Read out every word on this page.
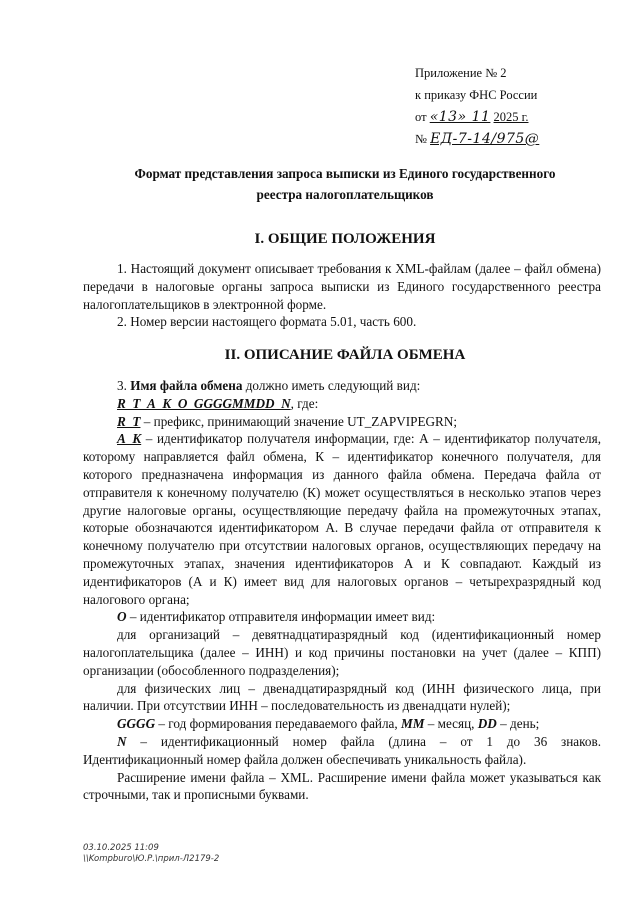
Приложение № 2
к приказу ФНС России
от «13» 11 2025 г.
№ ЕД-7-14/975@
Формат представления запроса выписки из Единого государственного
реестра налогоплательщиков
I. ОБЩИЕ ПОЛОЖЕНИЯ

1. Настоящий документ описывает требования к XML-файлам (далее – файл обмена) передачи в налоговые органы запроса выписки из Единого государственного реестра налогоплательщиков в электронной форме.

2. Номер версии настоящего формата 5.01, часть 600.

II. ОПИСАНИЕ ФАЙЛА ОБМЕНА

3. Имя файла обмена должно иметь следующий вид:

R_T_A_K_O_GGGGMMDD_N, где:

R_T – префикс, принимающий значение UT_ZAPVIPEGRN;

A_K – идентификатор получателя информации, где: А – идентификатор получателя, которому направляется файл обмена, К – идентификатор конечного получателя, для которого предназначена информация из данного файла обмена. Передача файла от отправителя к конечному получателю (К) может осуществляться в несколько этапов через другие налоговые органы, осуществляющие передачу файла на промежуточных этапах, которые обозначаются идентификатором А. В случае передачи файла от отправителя к конечному получателю при отсутствии налоговых органов, осуществляющих передачу на промежуточных этапах, значения идентификаторов А и К совпадают. Каждый из идентификаторов (А и К) имеет вид для налоговых органов – четырехразрядный код налогового органа;

O – идентификатор отправителя информации имеет вид:

для организаций – девятнадцатиразрядный код (идентификационный номер налогоплательщика (далее – ИНН) и код причины постановки на учет (далее – КПП) организации (обособленного подразделения);

для физических лиц – двенадцатиразрядный код (ИНН физического лица, при наличии. При отсутствии ИНН – последовательность из двенадцати нулей);

GGGG – год формирования передаваемого файла, MM – месяц, DD – день;

N – идентификационный номер файла (длина – от 1 до 36 знаков. Идентификационный номер файла должен обеспечивать уникальность файла).

Расширение имени файла – XML. Расширение имени файла может указываться как строчными, так и прописными буквами.

03.10.2025 11:09
\\Kompburo\Ю.Р.\прил-Л2179-2
